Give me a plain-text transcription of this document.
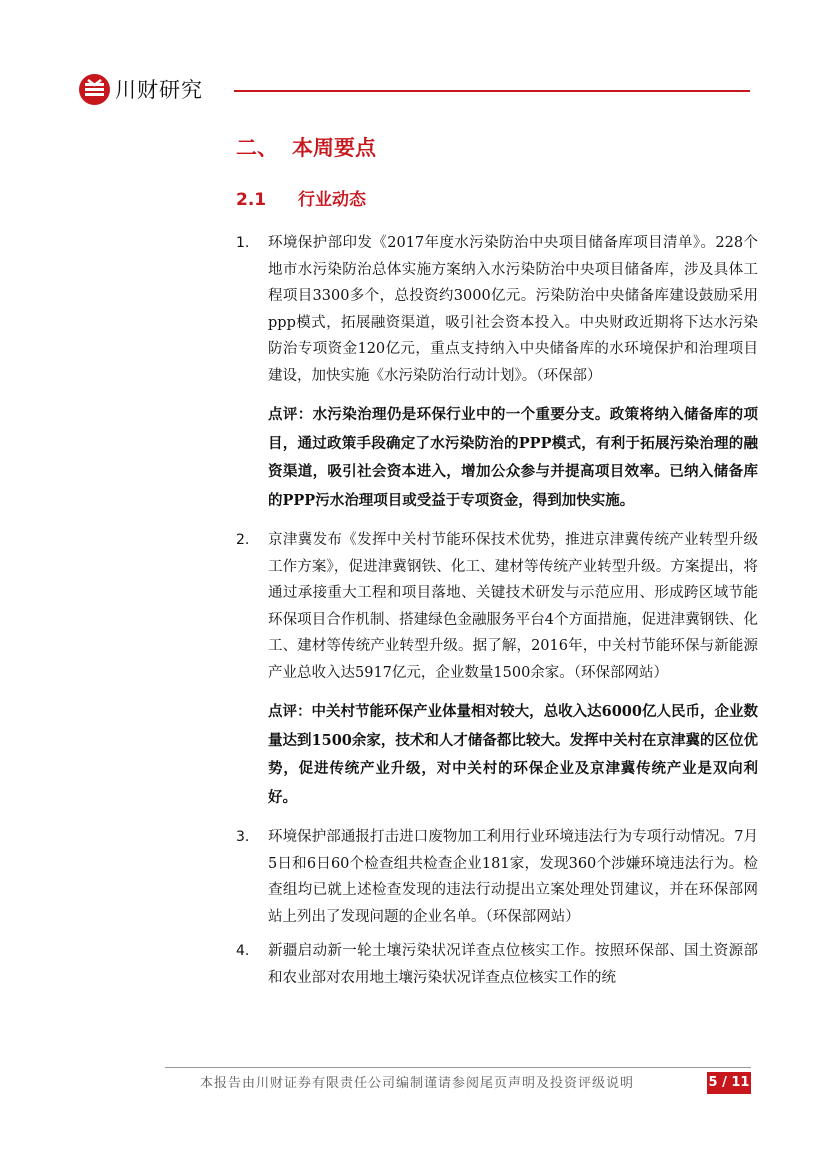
川财研究
二、 本周要点
2.1 行业动态
1.	环境保护部印发《2017年度水污染防治中央项目储备库项目清单》。228个地市水污染防治总体实施方案纳入水污染防治中央项目储备库，涉及具体工程项目3300多个，总投资约3000亿元。污染防治中央储备库建设鼓励采用ppp模式，拓展融资渠道，吸引社会资本投入。中央财政近期将下达水污染防治专项资金120亿元，重点支持纳入中央储备库的水环境保护和治理项目建设，加快实施《水污染防治行动计划》。（环保部）
点评：水污染治理仍是环保行业中的一个重要分支。政策将纳入储备库的项目，通过政策手段确定了水污染防治的PPP模式，有利于拓展污染治理的融资渠道，吸引社会资本进入，增加公众参与并提高项目效率。已纳入储备库的PPP污水治理项目或受益于专项资金，得到加快实施。
2.	京津冀发布《发挥中关村节能环保技术优势，推进京津冀传统产业转型升级工作方案》，促进津冀钢铁、化工、建材等传统产业转型升级。方案提出，将通过承接重大工程和项目落地、关键技术研发与示范应用、形成跨区域节能环保项目合作机制、搭建绿色金融服务平台4个方面措施，促进津冀钢铁、化工、建材等传统产业转型升级。据了解，2016年，中关村节能环保与新能源产业总收入达5917亿元，企业数量1500余家。（环保部网站）
点评：中关村节能环保产业体量相对较大，总收入达6000亿人民币，企业数量达到1500余家，技术和人才储备都比较大。发挥中关村在京津冀的区位优势，促进传统产业升级，对中关村的环保企业及京津冀传统产业是双向利好。
3.	环境保护部通报打击进口废物加工利用行业环境违法行为专项行动情况。7月5日和6日60个检查组共检查企业181家，发现360个涉嫌环境违法行为。检查组均已就上述检查发现的违法行动提出立案处理处罚建议，并在环保部网站上列出了发现问题的企业名单。（环保部网站）
4.	新疆启动新一轮土壤污染状况详查点位核实工作。按照环保部、国土资源部和农业部对农用地土壤污染状况详查点位核实工作的统
本报告由川财证券有限责任公司编制谨请参阅尾页声明及投资评级说明	5 / 11
